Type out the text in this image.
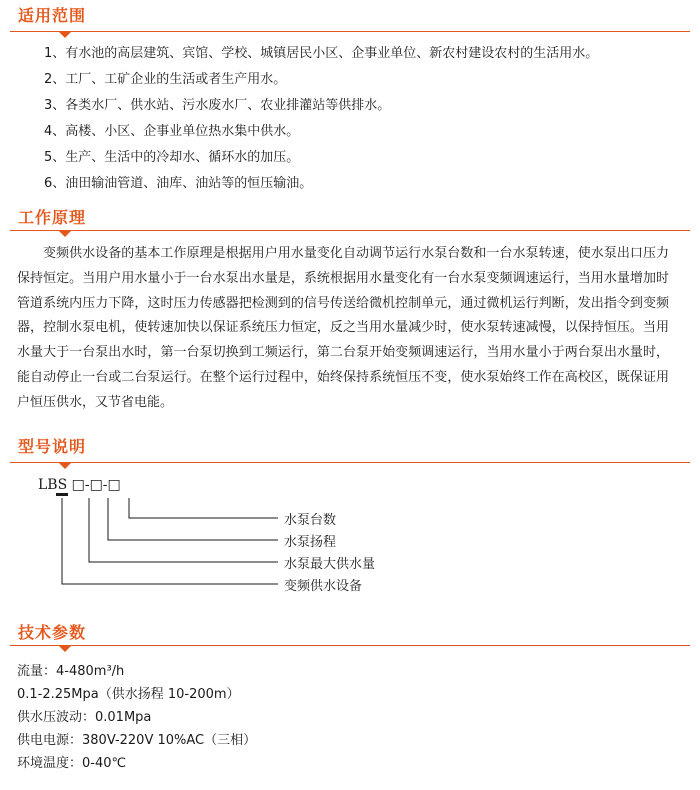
适用范围
1、有水池的高层建筑、宾馆、学校、城镇居民小区、企事业单位、新农村建设农村的生活用水。
2、工厂、工矿企业的生活或者生产用水。
3、各类水厂、供水站、污水废水厂、农业排灌站等供排水。
4、高楼、小区、企事业单位热水集中供水。
5、生产、生活中的冷却水、循环水的加压。
6、油田输油管道、油库、油站等的恒压输油。
工作原理

变频供水设备的基本工作原理是根据用户用水量变化自动调节运行水泵台数和一台水泵转速，使水泵出口压力保持恒定。当用户用水量小于一台水泵出水量是，系统根据用水量变化有一台水泵变频调速运行，当用水量增加时管道系统内压力下降，这时压力传感器把检测到的信号传送给微机控制单元，通过微机运行判断，发出指令到变频器，控制水泵电机，使转速加快以保证系统压力恒定，反之当用水量减少时，使水泵转速减慢，以保持恒压。当用水量大于一台泵出水时，第一台泵切换到工频运行，第二台泵开始变频调速运行，当用水量小于两台泵出水量时，能自动停止一台或二台泵运行。在整个运行过程中，始终保持系统恒压不变，使水泵始终工作在高校区，既保证用户恒压供水，又节省电能。

型号说明
LBS □-□-□
水泵台数
水泵扬程
水泵最大供水量
变频供水设备
技术参数
流量：4-480m³/h
0.1-2.25Mpa（供水扬程 10-200m）
供水压波动：0.01Mpa
供电电源：380V-220V 10%AC（三相）
环境温度：0-40℃
